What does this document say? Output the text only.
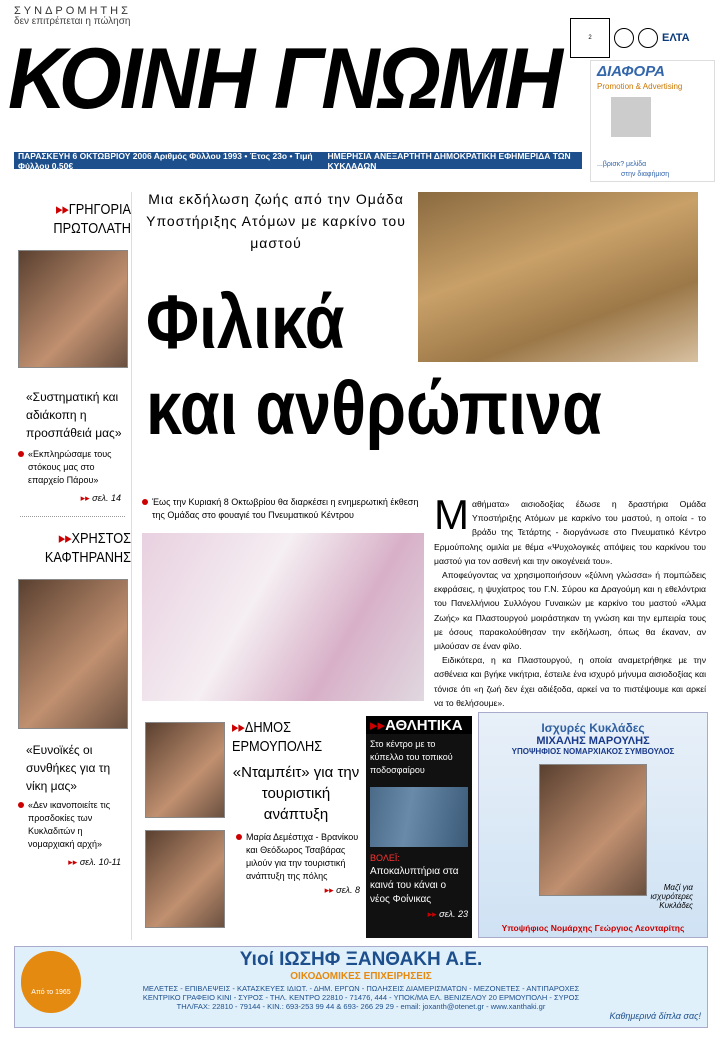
ΣΥΝΔΡΟΜΗΤΗΣ
δεν επιτρέπεται η πώληση
ΚΟΙΝΗ ΓΝΩΜΗ	2	ΕΛΤΑ
ΔΙΑΦΟΡΑ
Promotion & Advertising
...βρισκ? μελίδα
στην διαφήμιση
ΠΑΡΑΣΚΕΥΗ 6 ΟΚΤΩΒΡΙΟΥ 2006 Αριθμός Φύλλου 1993 • Έτος 23ο • Τιμή Φύλλου 0,50€
ΗΜΕΡΗΣΙΑ ΑΝΕΞΑΡΤΗΤΗ ΔΗΜΟΚΡΑΤΙΚΗ ΕΦΗΜΕΡΙΔΑ ΤΩΝ ΚΥΚΛΑΔΩΝ
▸▸ΓΡΗΓΟΡΙΑ ΠΡΩΤΟΛΑΤΗ
«Συστηματική και αδιάκοπη η προσπάθειά μας»
«Εκπληρώσαμε τους στόκους μας στο επαρχείο Πάρου»
▸▸ σελ. 14
▸▸ΧΡΗΣΤΟΣ ΚΑΦΤΗΡΑΝΗΣ
«Ευνοϊκές οι συνθήκες για τη νίκη μας»
«Δεν ικανοποιείτε τις προσδοκίες των Κυκλαδιτών η νομαρχιακή αρχή»
▸▸ σελ. 10-11
Μια εκδήλωση ζωής από την Ομάδα Υποστήριξης Ατόμων με καρκίνο του μαστού
Φιλικά
και ανθρώπινα
Έως την Κυριακή 8 Οκτωβρίου θα διαρκέσει η ενημερωτική έκθεση της Ομάδας στο φουαγιέ του Πνευματικού Κέντρου	Μ αθήματα» αισιοδοξίας έδωσε η δραστήρια Ομάδα Υποστήριξης Ατόμων με καρκίνο του μαστού, η οποία - το βράδυ της Τετάρτης - διοργάνωσε στο Πνευματικό Κέντρο Ερμούπολης ομιλία με θέμα «Ψυχολογικές απόψεις του καρκίνου του μαστού για τον ασθενή και την οικογένειά του».

Αποφεύγοντας να χρησιμοποιήσουν «ξύλινη γλώσσα» ή πομπώδεις εκφράσεις, η ψυχίατρος του Γ.Ν. Σύρου κα Δραγούμη και η εθελόντρια του Πανελλήνιου Συλλόγου Γυναικών με καρκίνο του μαστού «Άλμα Ζωής» κα Πλαστουργού μοιράστηκαν τη γνώση και την εμπειρία τους με όσους παρακολούθησαν την εκδήλωση, όπως θα έκαναν, αν μιλούσαν σε έναν φίλο.

Ειδικότερα, η κα Πλαστουργού, η οποία αναμετρήθηκε με την ασθένεια και βγήκε νικήτρια, έστειλε ένα ισχυρό μήνυμα αισιοδοξίας και τόνισε ότι «η ζωή δεν έχει αδιέξοδα, αρκεί να το πιστέψουμε και αρκεί να το θελήσουμε».

▸▸ΔΗΜΟΣ ΕΡΜΟΥΠΟΛΗΣ
«Νταμπέιτ» για την τουριστική ανάπτυξη
Μαρία Δεμέστιχα - Βρανίκου και Θεόδωρος Τσαβάρας μιλούν για την τουριστική ανάπτυξη της πόλης
▸▸ σελ. 8
▸▸ΑΘΛΗΤΙΚΑ
Στο κέντρο με το κύπελλο του τοπικού ποδοσφαίρου
ΒΟΛΕΪ:
Αποκαλυπτήρια στα καινά του κάναι ο νέος Φοίνικας
▸▸ σελ. 23
Ισχυρές Κυκλάδες
ΜΙΧΑΛΗΣ ΜΑΡΟΥΛΗΣ
ΥΠΟΨΗΦΙΟΣ ΝΟΜΑΡΧΙΑΚΟΣ ΣΥΜΒΟΥΛΟΣ
Μαζί για ισχυρότερες Κυκλάδες
Υποψήφιος Νομάρχης Γεώργιος Λεονταρίτης
Από το 1965
Υιοί ΙΩΣΗΦ ΞΑΝΘΑΚΗ Α.Ε.
ΟΙΚΟΔΟΜΙΚΕΣ ΕΠΙΧΕΙΡΗΣΕΙΣ
ΜΕΛΕΤΕΣ - ΕΠΙΒΛΕΨΕΙΣ - ΚΑΤΑΣΚΕΥΕΣ ΙΔΙΩΤ. - ΔΗΜ. ΕΡΓΩΝ - ΠΩΛΗΣΕΙΣ ΔΙΑΜΕΡΙΣΜΑΤΩΝ - ΜΕΖΟΝΕΤΕΣ - ΑΝΤΙΠΑΡΟΧΕΣ
ΚΕΝΤΡΙΚΟ ΓΡΑΦΕΙΟ ΚΙΝΙ - ΣΥΡΟΣ - ΤΗΛ. ΚΕΝΤΡΟ 22810 - 71476, 444 - ΥΠΟΚ/ΜΑ ΕΛ. ΒΕΝΙΖΕΛΟΥ 20 ΕΡΜΟΥΠΟΛΗ - ΣΥΡΟΣ
ΤΗΛ/FAX: 22810 - 79144 - ΚΙΝ.: 693-253 99 44 & 693- 266 29 29 - email: joxanth@otenet.gr - www.xanthaki.gr
Καθημερινά δίπλα σας!
